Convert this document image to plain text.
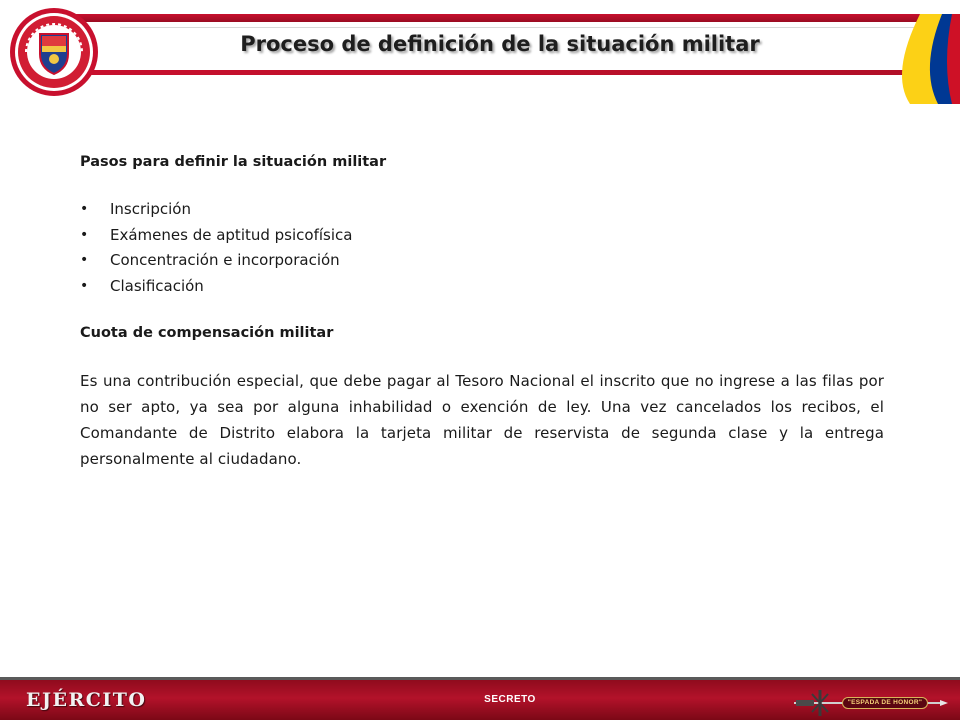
Proceso de definición de la situación militar
Pasos para definir la situación militar
• Inscripción
• Exámenes de aptitud psicofísica
• Concentración e incorporación
• Clasificación
Cuota de compensación militar

Es una contribución especial, que debe pagar al Tesoro Nacional el inscrito que no ingrese a las filas por no ser apto, ya sea por alguna inhabilidad o exención de ley. Una vez cancelados los recibos, el Comandante de Distrito elabora la tarjeta militar de reservista de segunda clase y la entrega personalmente al ciudadano.

EJÉRCITO	SECRETO	"ESPADA DE HONOR"
